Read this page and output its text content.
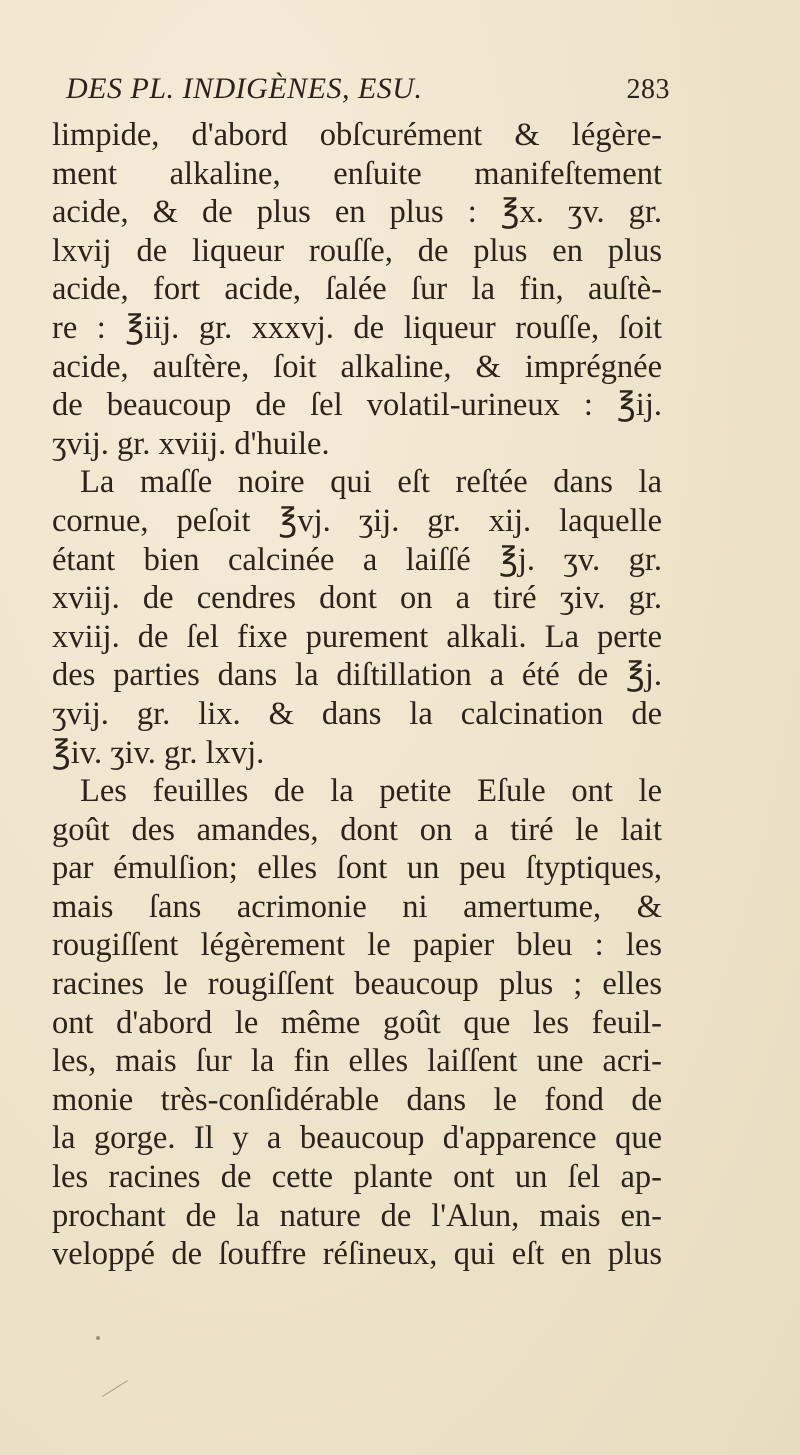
DES PL. INDIGÈNES, ESU.	283
limpide, d'abord obſcurément & légère-
ment alkaline, enſuite manifeſtement
acide, & de plus en plus : ℥x. ʒv. gr.
lxvij de liqueur rouſſe, de plus en plus
acide, fort acide, ſalée ſur la fin, auſtè-
re : ℥iij. gr. xxxvj. de liqueur rouſſe, ſoit
acide, auſtère, ſoit alkaline, & imprégnée
de beaucoup de ſel volatil-urineux : ℥ij.
ʒvij. gr. xviij. d'huile.
La maſſe noire qui eſt reſtée dans la
cornue, peſoit ℥vj. ʒij. gr. xij. laquelle
étant bien calcinée a laiſſé ℥j. ʒv. gr.
xviij. de cendres dont on a tiré ʒiv. gr.
xviij. de ſel fixe purement alkali. La perte
des parties dans la diſtillation a été de ℥j.
ʒvij. gr. lix. & dans la calcination de
℥iv. ʒiv. gr. lxvj.
Les feuilles de la petite Eſule ont le
goût des amandes, dont on a tiré le lait
par émulſion; elles ſont un peu ſtyptiques,
mais ſans acrimonie ni amertume, &
rougiſſent légèrement le papier bleu : les
racines le rougiſſent beaucoup plus ; elles
ont d'abord le même goût que les feuil-
les, mais ſur la fin elles laiſſent une acri-
monie très-conſidérable dans le fond de
la gorge. Il y a beaucoup d'apparence que
les racines de cette plante ont un ſel ap-
prochant de la nature de l'Alun, mais en-
veloppé de ſouffre réſineux, qui eſt en plus
